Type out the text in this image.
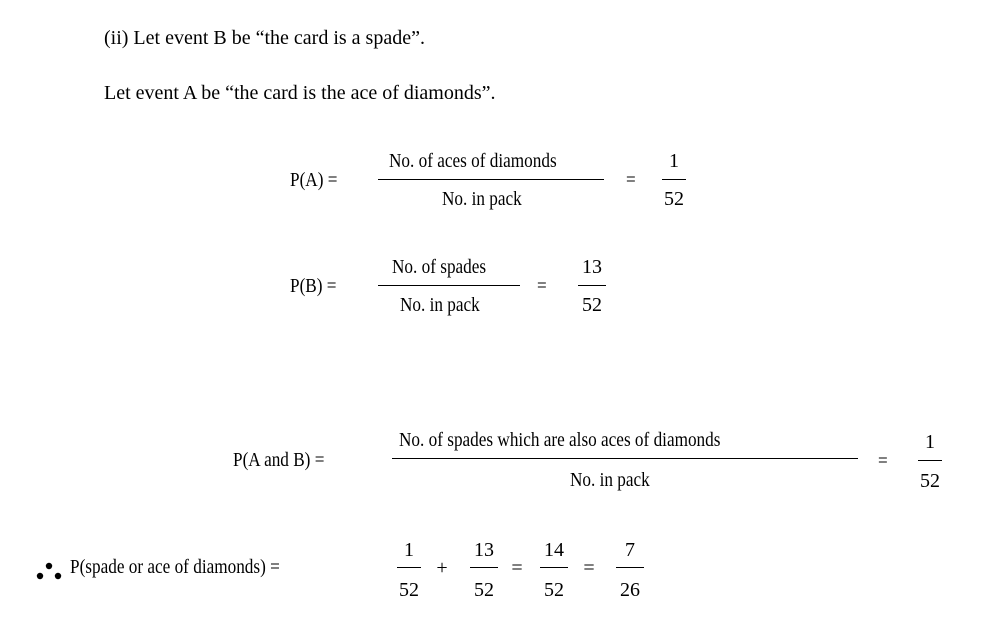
(ii) Let event B be “the card is a spade”.
Let event A be “the card is the ace of diamonds”.
P(A) =
No. of aces of diamonds
No. in pack
=
1
52
P(B) =
No. of spades
No. in pack
=
13
52
P(A and B) =
No. of spades which are also aces of diamonds
No. in pack
=
1
52
P(spade or ace of diamonds) =
1
52
+
13
52
=
14
52
=
7
26
